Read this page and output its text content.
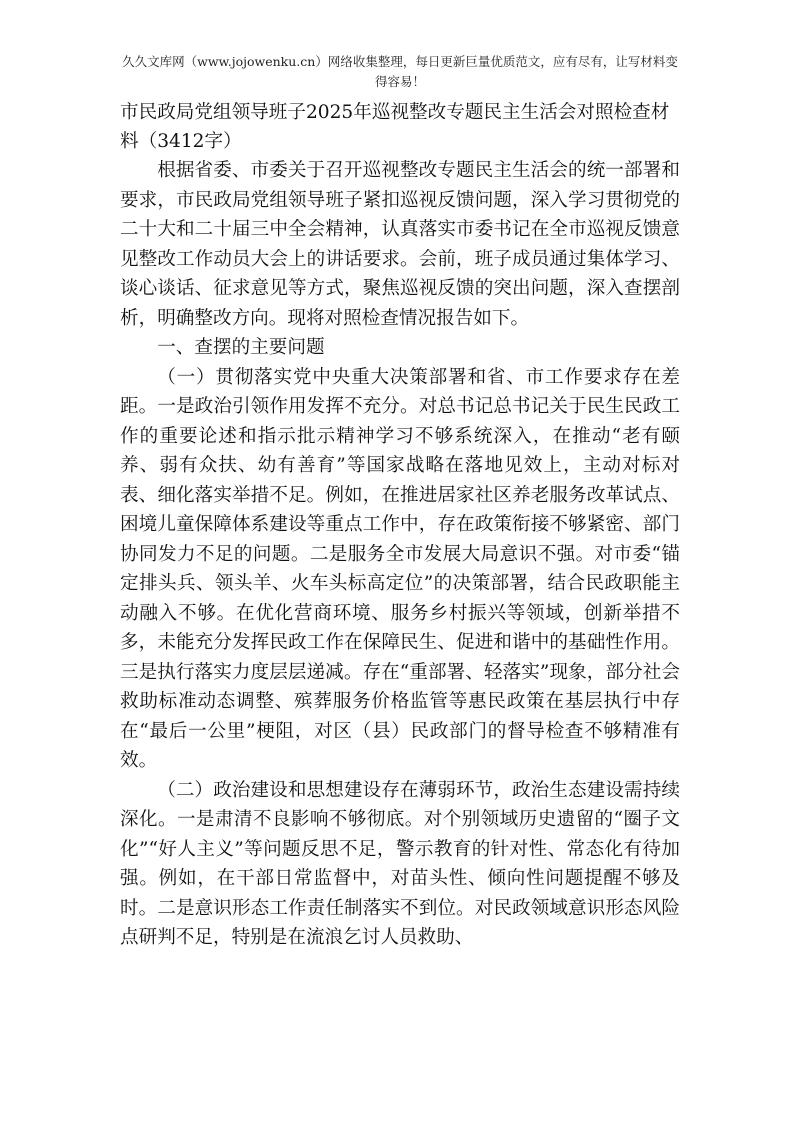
久久文库网（www.jojowenku.cn）网络收集整理，每日更新巨量优质范文，应有尽有，让写材料变得容易！

市民政局党组领导班子2025年巡视整改专题民主生活会对照检查材料（3412字）

根据省委、市委关于召开巡视整改专题民主生活会的统一部署和要求，市民政局党组领导班子紧扣巡视反馈问题，深入学习贯彻党的二十大和二十届三中全会精神，认真落实市委书记在全市巡视反馈意见整改工作动员大会上的讲话要求。会前，班子成员通过集体学习、谈心谈话、征求意见等方式，聚焦巡视反馈的突出问题，深入查摆剖析，明确整改方向。现将对照检查情况报告如下。

一、查摆的主要问题

（一）贯彻落实党中央重大决策部署和省、市工作要求存在差距。一是政治引领作用发挥不充分。对总书记总书记关于民生民政工作的重要论述和指示批示精神学习不够系统深入，在推动“老有颐养、弱有众扶、幼有善育”等国家战略在落地见效上，主动对标对表、细化落实举措不足。例如，在推进居家社区养老服务改革试点、困境儿童保障体系建设等重点工作中，存在政策衔接不够紧密、部门协同发力不足的问题。二是服务全市发展大局意识不强。对市委“锚定排头兵、领头羊、火车头标高定位”的决策部署，结合民政职能主动融入不够。在优化营商环境、服务乡村振兴等领域，创新举措不多，未能充分发挥民政工作在保障民生、促进和谐中的基础性作用。三是执行落实力度层层递减。存在“重部署、轻落实”现象，部分社会救助标准动态调整、殡葬服务价格监管等惠民政策在基层执行中存在“最后一公里”梗阻，对区（县）民政部门的督导检查不够精准有效。

（二）政治建设和思想建设存在薄弱环节，政治生态建设需持续深化。一是肃清不良影响不够彻底。对个别领域历史遗留的“圈子文化”“好人主义”等问题反思不足，警示教育的针对性、常态化有待加强。例如，在干部日常监督中，对苗头性、倾向性问题提醒不够及时。二是意识形态工作责任制落实不到位。对民政领域意识形态风险点研判不足，特别是在流浪乞讨人员救助、
